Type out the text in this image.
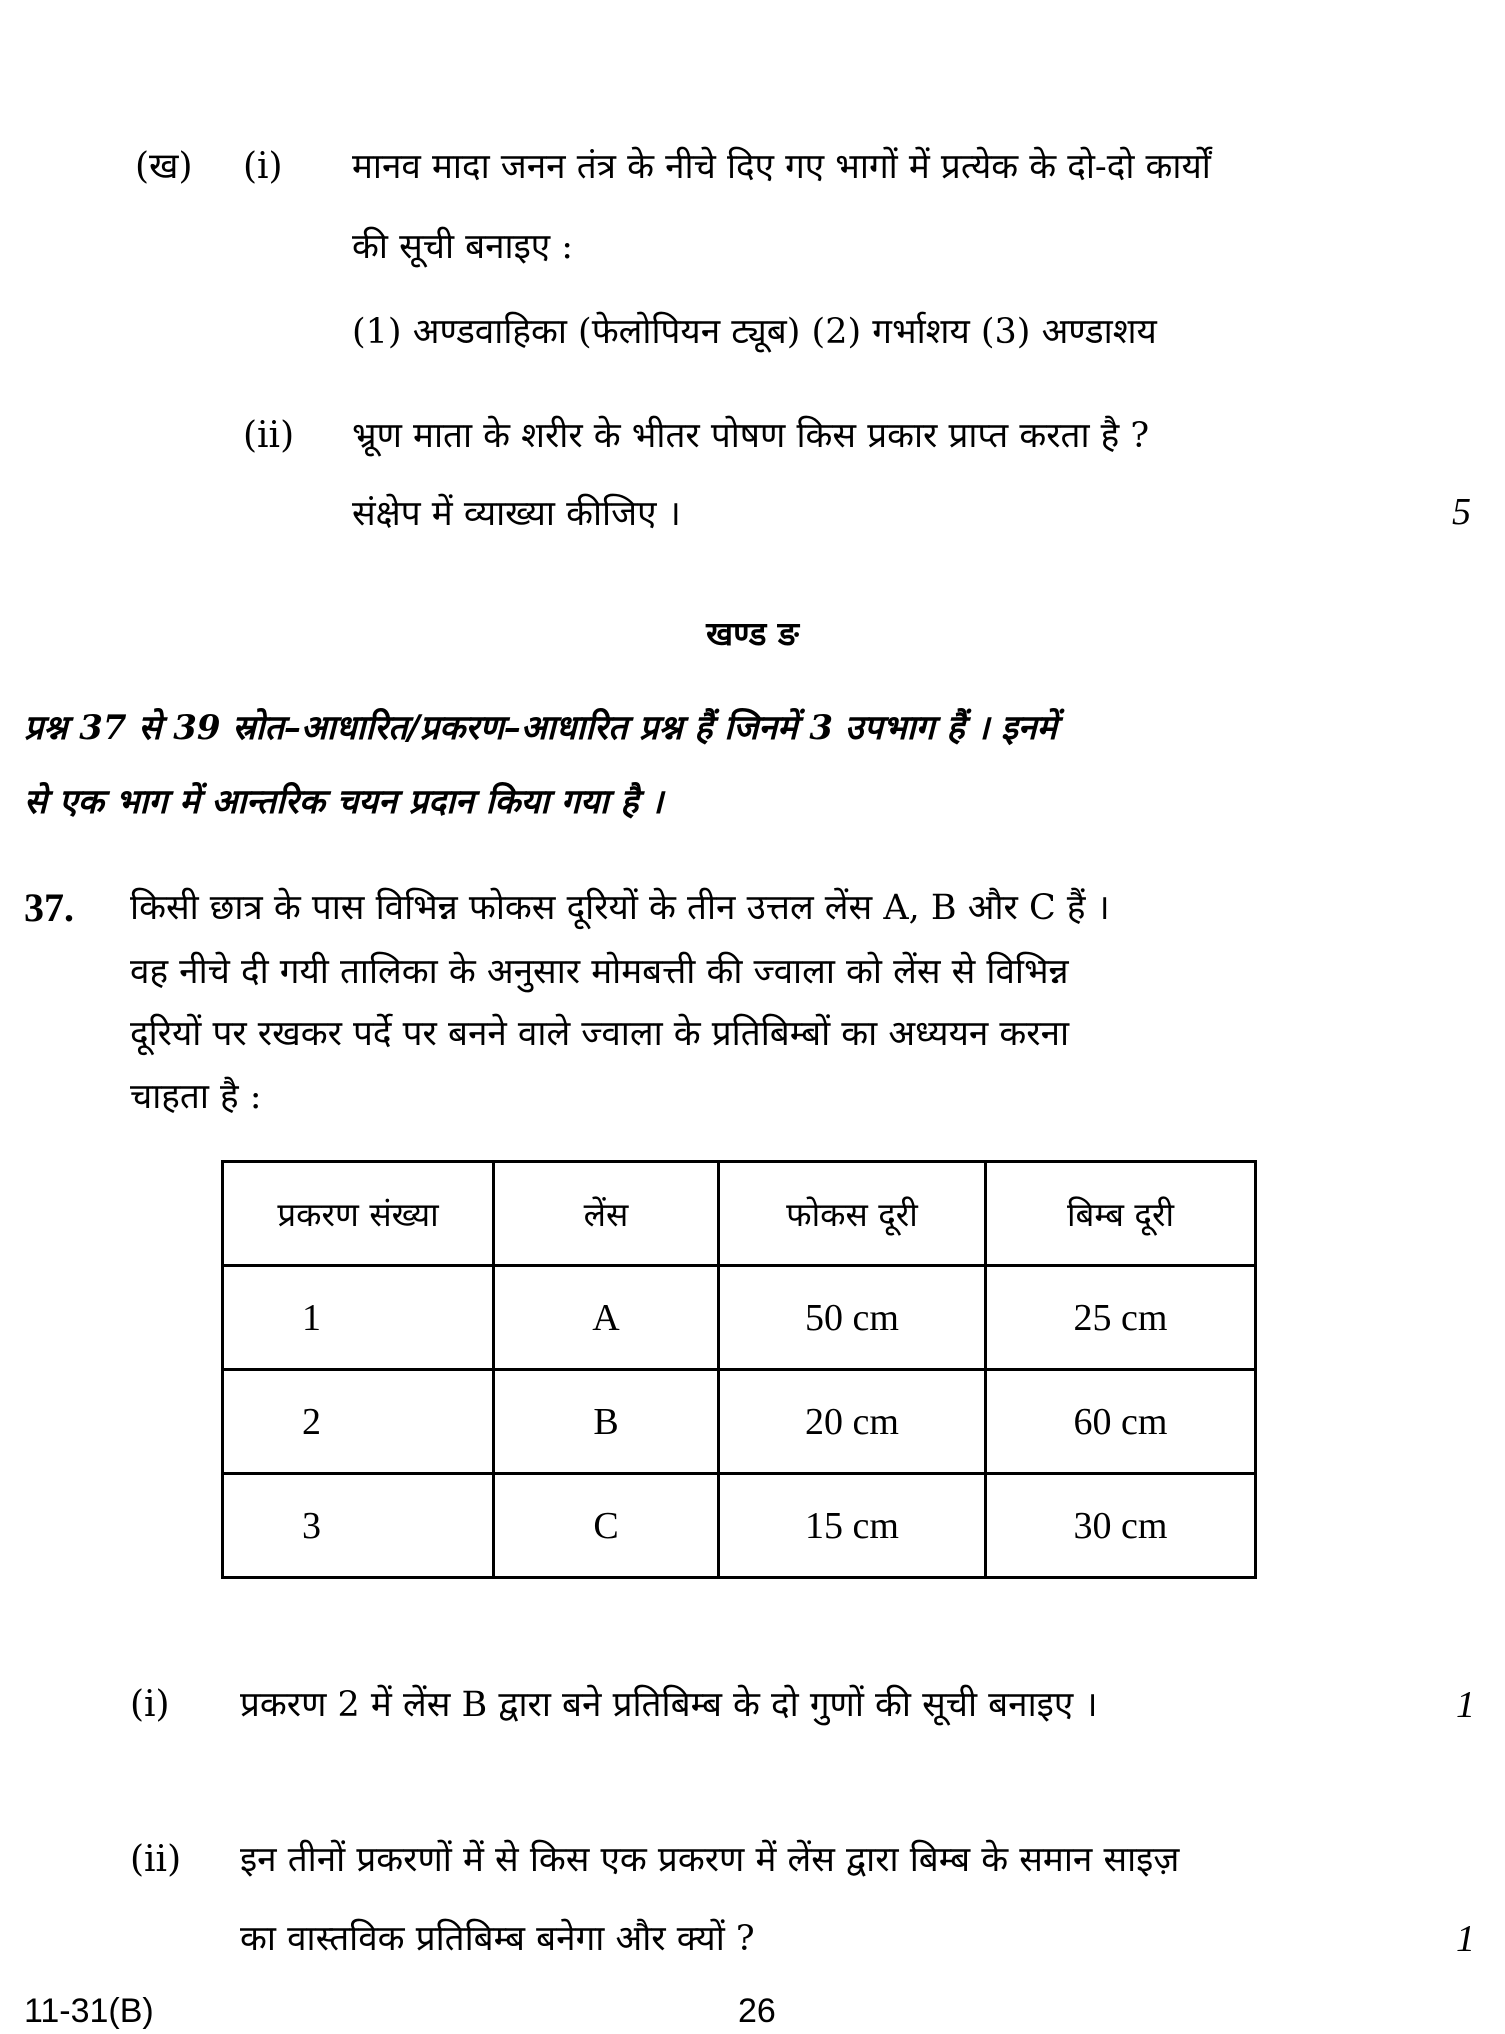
(ख) (i) मानव मादा जनन तंत्र के नीचे दिए गए भागों में प्रत्येक के दो-दो कार्यों
की सूची बनाइए :
(1) अण्डवाहिका (फेलोपियन ट्यूब) (2) गर्भाशय (3) अण्डाशय
(ii) भ्रूण माता के शरीर के भीतर पोषण किस प्रकार प्राप्त करता है ?
संक्षेप में व्याख्या कीजिए ।	5
खण्ड ङ
प्रश्न 37 से 39 स्रोत–आधारित/प्रकरण–आधारित प्रश्न हैं जिनमें 3 उपभाग हैं । इनमें
से एक भाग में आन्तरिक चयन प्रदान किया गया है ।
37. किसी छात्र के पास विभिन्न फोकस दूरियों के तीन उत्तल लेंस A, B और C हैं ।
वह नीचे दी गयी तालिका के अनुसार मोमबत्ती की ज्वाला को लेंस से विभिन्न
दूरियों पर रखकर पर्दे पर बनने वाले ज्वाला के प्रतिबिम्बों का अध्ययन करना
चाहता है :
प्रकरण संख्या	लेंस	फोकस दूरी	बिम्ब दूरी
1	A	50 cm	25 cm
2	B	20 cm	60 cm
3	C	15 cm	30 cm
(i) प्रकरण 2 में लेंस B द्वारा बने प्रतिबिम्ब के दो गुणों की सूची बनाइए ।	1
(ii) इन तीनों प्रकरणों में से किस एक प्रकरण में लेंस द्वारा बिम्ब के समान साइज़
का वास्तविक प्रतिबिम्ब बनेगा और क्यों ?	1
11-31(B)	26
